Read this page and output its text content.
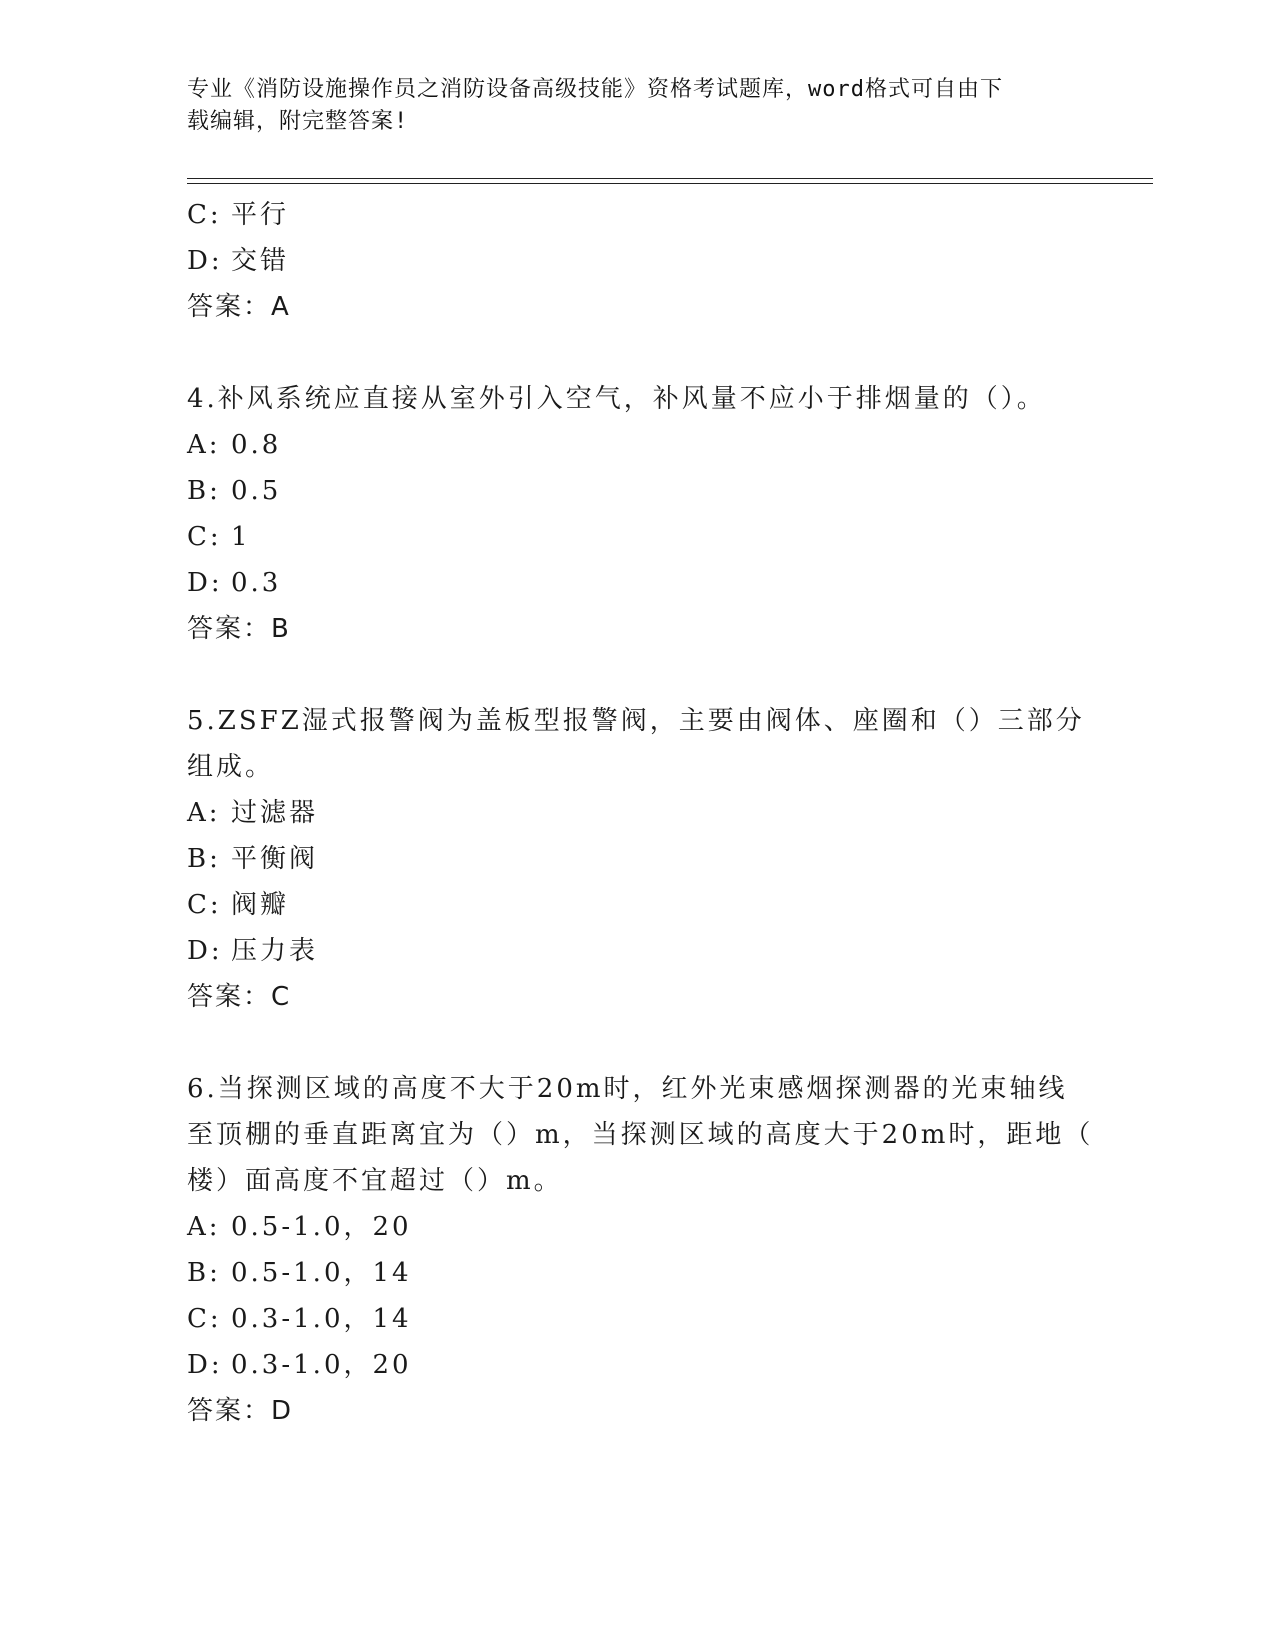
专业《消防设施操作员之消防设备高级技能》资格考试题库，word格式可自由下
载编辑，附完整答案!
C: 平行
D: 交错
答案：A
4.补风系统应直接从室外引入空气，补风量不应小于排烟量的（）。
A: 0.8
B: 0.5
C: 1
D: 0.3
答案：B
5.ZSFZ湿式报警阀为盖板型报警阀，主要由阀体、座圈和（）三部分
组成。
A: 过滤器
B: 平衡阀
C: 阀瓣
D: 压力表
答案：C
6.当探测区域的高度不大于20m时，红外光束感烟探测器的光束轴线
至顶棚的垂直距离宜为（）m，当探测区域的高度大于20m时，距地（
楼）面高度不宜超过（）m。
A: 0.5-1.0，20
B: 0.5-1.0，14
C: 0.3-1.0，14
D: 0.3-1.0，20
答案：D
